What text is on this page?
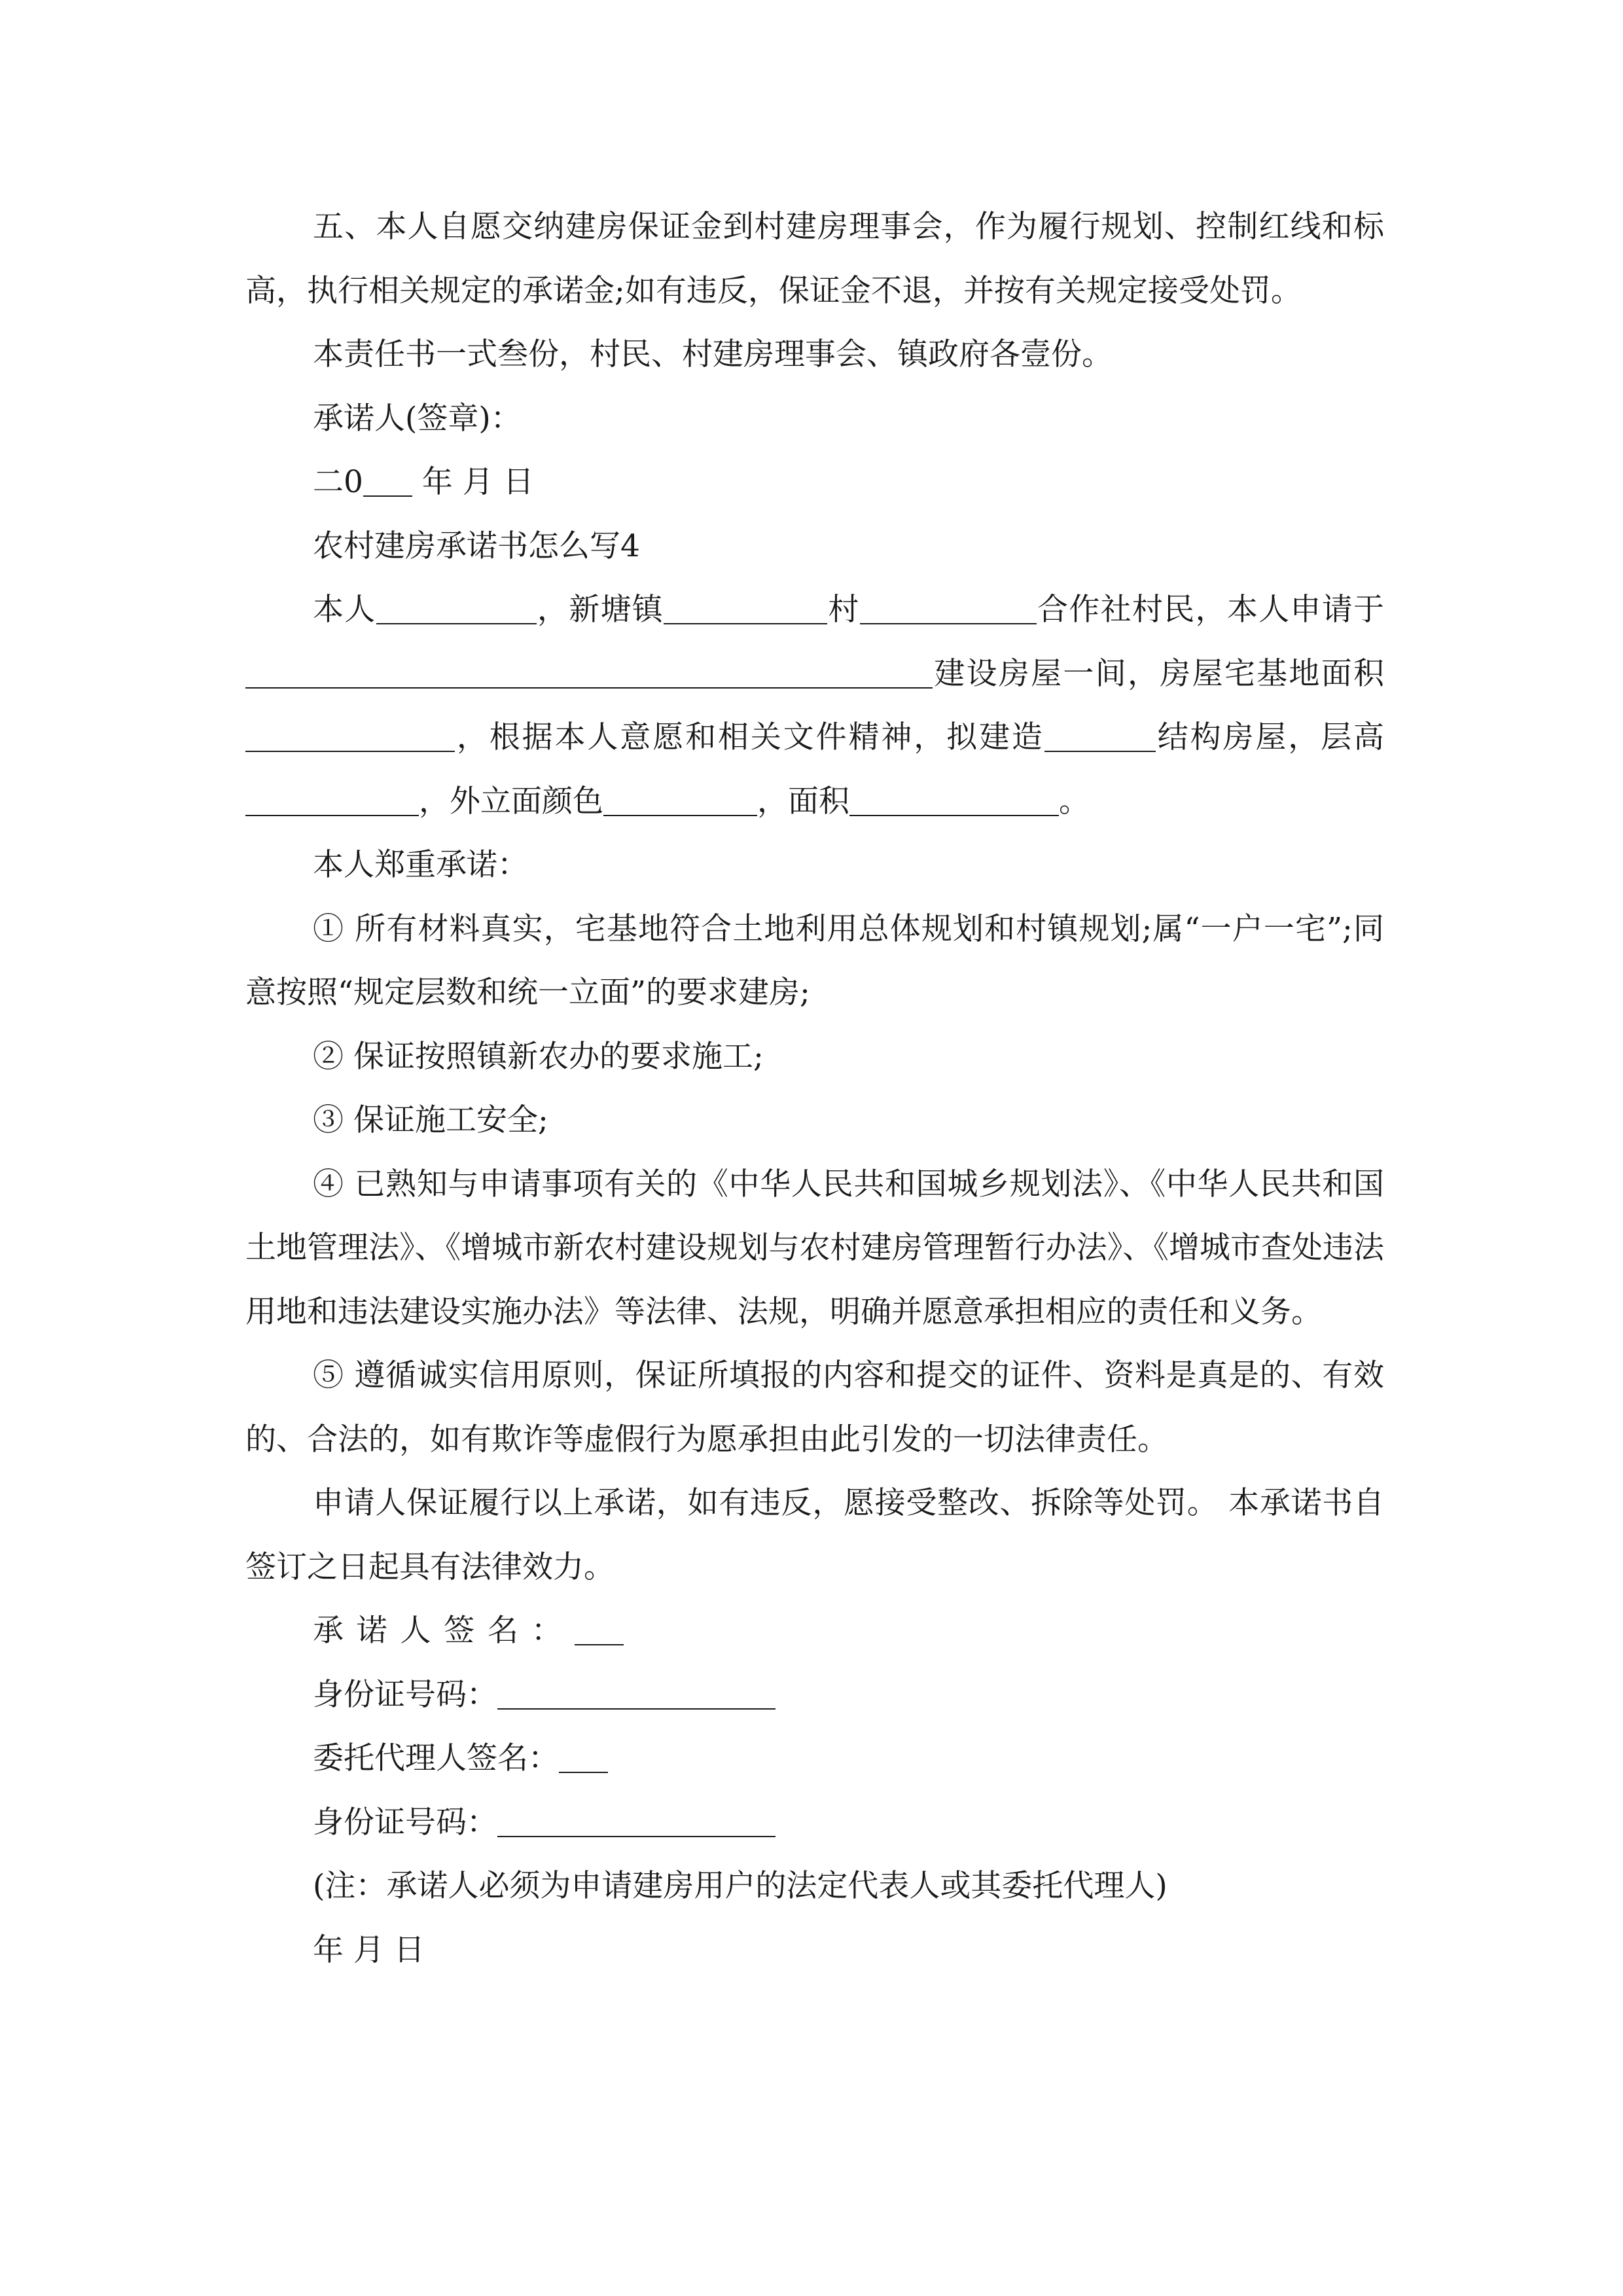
五、本人自愿交纳建房保证金到村建房理事会，作为履行规划、控制红线和标高，执行相关规定的承诺金;如有违反，保证金不退，并按有关规定接受处罚。

本责任书一式叁份，村民、村建房理事会、镇政府各壹份。

承诺人(签章)：

二0 年 月 日

农村建房承诺书怎么写4

本人	，新塘镇	村	合作社村民，本人申请于建设房屋一间，房屋宅基地面积，根据本人意愿和相关文件精神，拟建造	结构房屋，层高，外立面颜色	，面积	。

本人郑重承诺：

① 所有材料真实，宅基地符合土地利用总体规划和村镇规划;属“一户一宅”;同意按照“规定层数和统一立面”的要求建房;

② 保证按照镇新农办的要求施工;

③ 保证施工安全;

④ 已熟知与申请事项有关的《中华人民共和国城乡规划法》、《中华人民共和国土地管理法》、《增城市新农村建设规划与农村建房管理暂行办法》、《增城市查处违法用地和违法建设实施办法》等法律、法规，明确并愿意承担相应的责任和义务。

⑤ 遵循诚实信用原则，保证所填报的内容和提交的证件、资料是真是的、有效的、合法的，如有欺诈等虚假行为愿承担由此引发的一切法律责任。

申请人保证履行以上承诺，如有违反，愿接受整改、拆除等处罚。 本承诺书自签订之日起具有法律效力。

承诺人签名：

身份证号码：

委托代理人签名：

身份证号码：

(注：承诺人必须为申请建房用户的法定代表人或其委托代理人)

年 月 日
